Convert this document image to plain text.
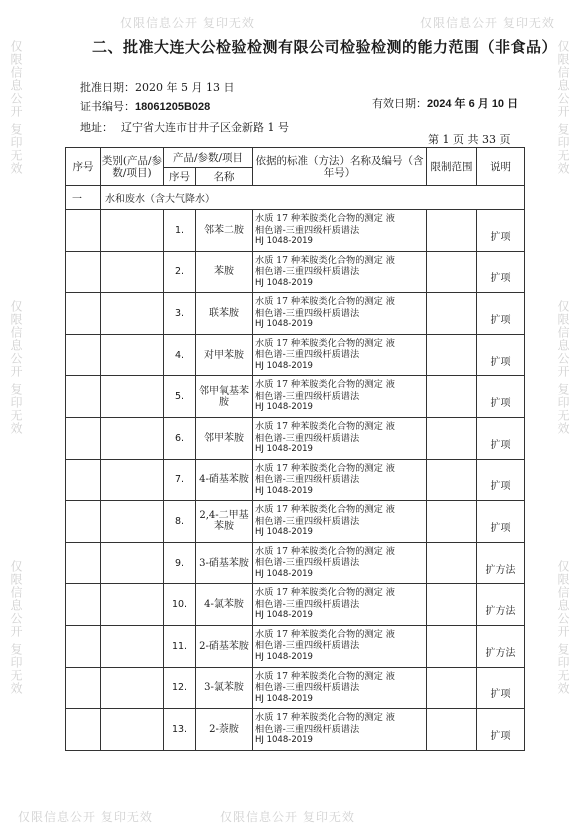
仅限信息公开 复印无效	仅限信息公开 复印无效
仅限信息公开 复印无效
仅限信息公开 复印无效
仅限信息公开 复印无效
仅限信息公开 复印无效
仅限信息公开 复印无效
仅限信息公开 复印无效
仅限信息公开 复印无效
仅限信息公开 复印无效
二、批准大连大公检验检测有限公司检验检测的能力范围（非食品）
批准日期：2020 年 5 月 13 日
证书编号：18061205B028	有效日期：2024 年 6 月 10 日
地址： 辽宁省大连市甘井子区金新路 1 号
第 1 页 共 33 页
序号	类别(产品/参数/项目)	产品/参数/项目		依据的标准（方法）名称及编号（含年号）	限制范围	说明
		序号	名称			
一	水和废水（含大气降水）					
		1.	邻苯二胺	水质 17 种苯胺类化合物的测定 液
相色谱-三重四级杆质谱法
HJ 1048-2019		扩项
		2.	苯胺	水质 17 种苯胺类化合物的测定 液
相色谱-三重四级杆质谱法
HJ 1048-2019		扩项
		3.	联苯胺	水质 17 种苯胺类化合物的测定 液
相色谱-三重四级杆质谱法
HJ 1048-2019		扩项
		4.	对甲苯胺	水质 17 种苯胺类化合物的测定 液
相色谱-三重四级杆质谱法
HJ 1048-2019		扩项
		5.	邻甲氧基苯胺	水质 17 种苯胺类化合物的测定 液
相色谱-三重四级杆质谱法
HJ 1048-2019		扩项
		6.	邻甲苯胺	水质 17 种苯胺类化合物的测定 液
相色谱-三重四级杆质谱法
HJ 1048-2019		扩项
		7.	4-硝基苯胺	水质 17 种苯胺类化合物的测定 液
相色谱-三重四级杆质谱法
HJ 1048-2019		扩项
		8.	2,4-二甲基苯胺	水质 17 种苯胺类化合物的测定 液
相色谱-三重四级杆质谱法
HJ 1048-2019		扩项
		9.	3-硝基苯胺	水质 17 种苯胺类化合物的测定 液
相色谱-三重四级杆质谱法
HJ 1048-2019		扩方法
		10.	4-氯苯胺	水质 17 种苯胺类化合物的测定 液
相色谱-三重四级杆质谱法
HJ 1048-2019		扩方法
		11.	2-硝基苯胺	水质 17 种苯胺类化合物的测定 液
相色谱-三重四级杆质谱法
HJ 1048-2019		扩方法
		12.	3-氯苯胺	水质 17 种苯胺类化合物的测定 液
相色谱-三重四级杆质谱法
HJ 1048-2019		扩项
		13.	2-萘胺	水质 17 种苯胺类化合物的测定 液
相色谱-三重四级杆质谱法
HJ 1048-2019		扩项
